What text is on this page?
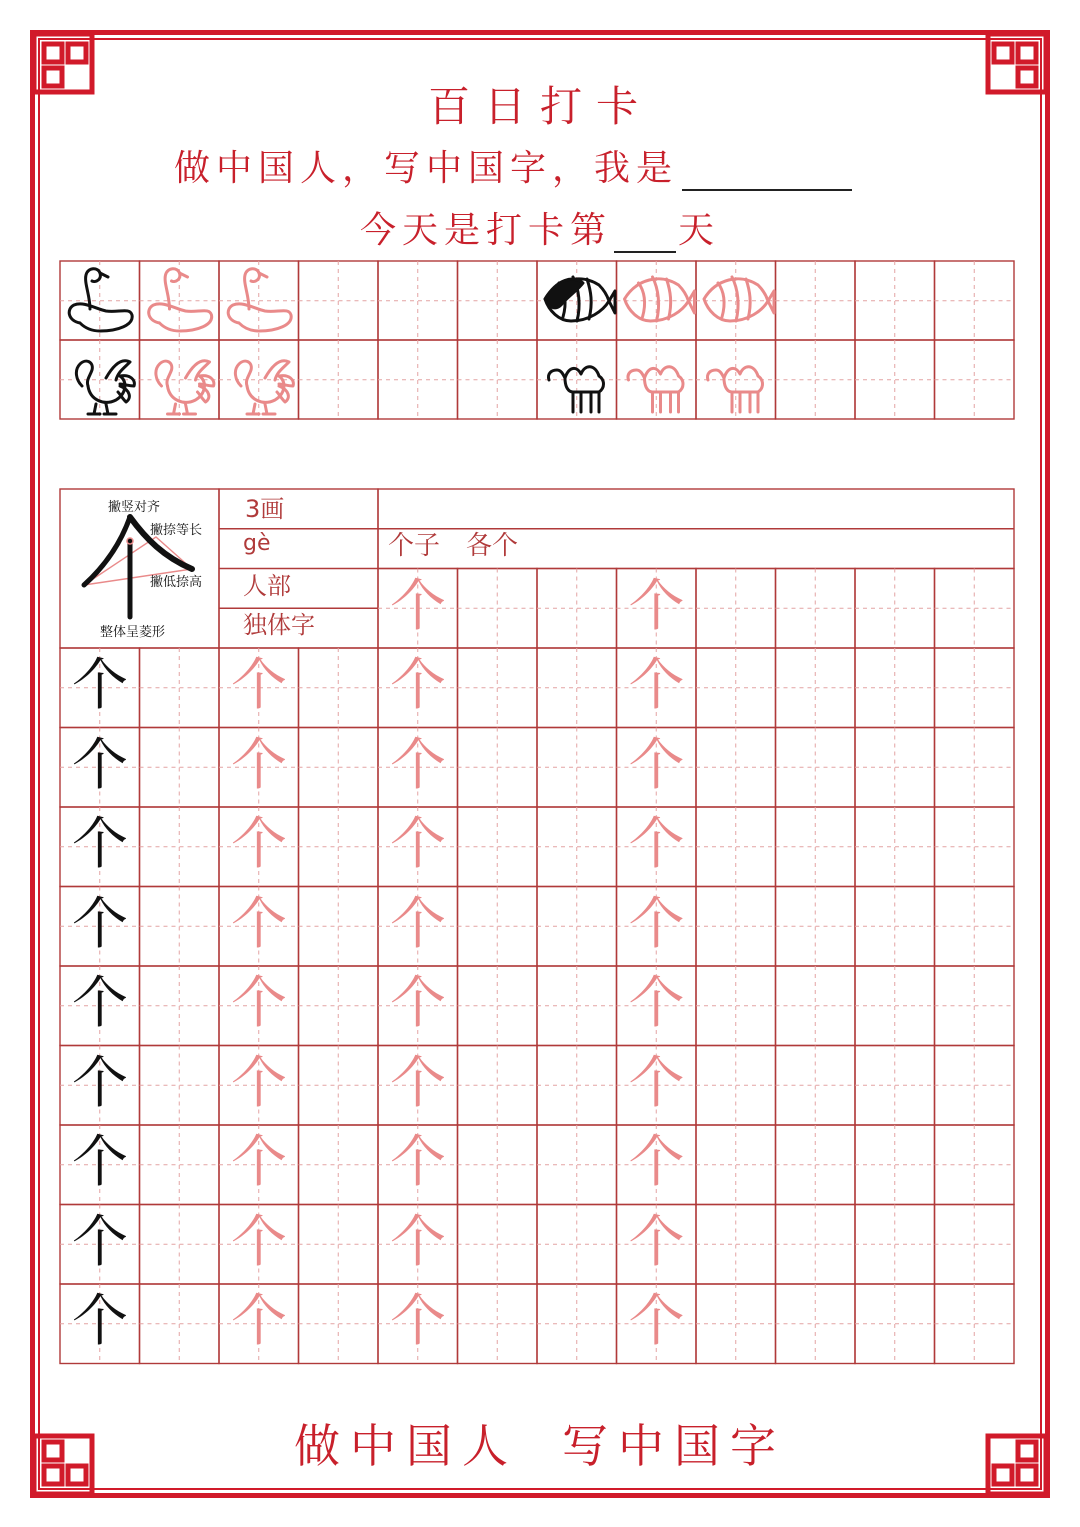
百日打卡
做中国人，写中国字，我是
今天是打卡第 天
撇竖对齐
撇捺等长
撇低捺高
整体呈菱形
3画
gè
人部
独体字
个子　各个
个	个
个 个 个	个
个 个 个	个
个 个 个	个
个 个 个	个
个 个 个	个
个 个 个	个
个 个 个	个
个 个 个	个
个 个 个	个
做中国人 写中国字
